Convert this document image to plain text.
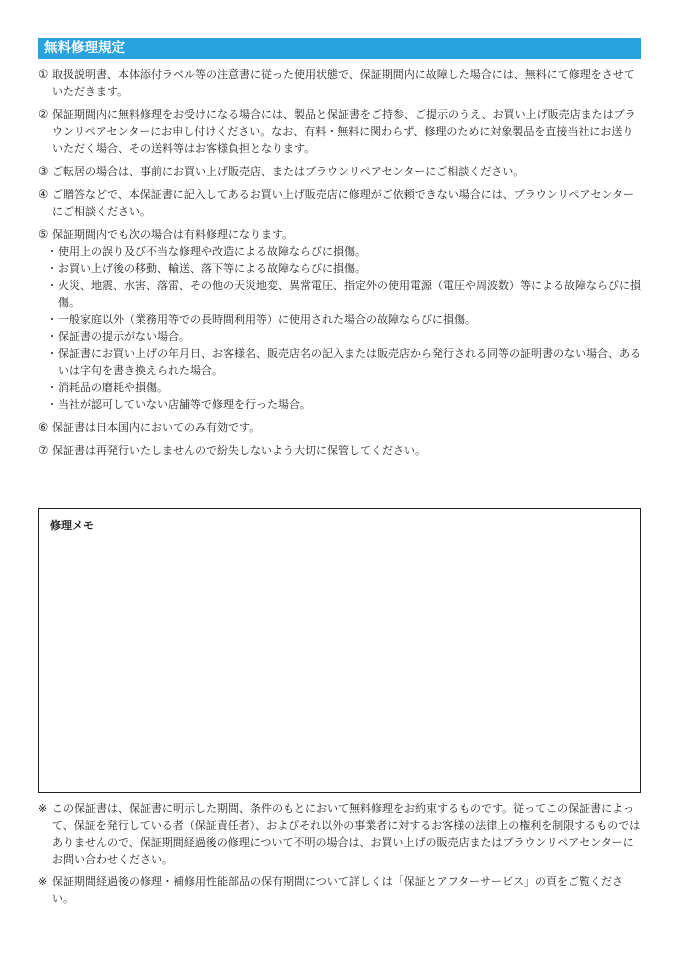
無料修理規定
① 取扱説明書、本体添付ラベル等の注意書に従った使用状態で、保証期間内に故障した場合には、無料にて修理をさせていただきます。
② 保証期間内に無料修理をお受けになる場合には、製品と保証書をご持参、ご提示のうえ、お買い上げ販売店またはブラウンリペアセンターにお申し付けください。なお、有料・無料に関わらず、修理のために対象製品を直接当社にお送りいただく場合、その送料等はお客様負担となります。
③ ご転居の場合は、事前にお買い上げ販売店、またはブラウンリペアセンターにご相談ください。
④ ご贈答などで、本保証書に記入してあるお買い上げ販売店に修理がご依頼できない場合には、ブラウンリペアセンターにご相談ください。
⑤ 保証期間内でも次の場合は有料修理になります。
・ 使用上の誤り及び不当な修理や改造による故障ならびに損傷。
・ お買い上げ後の移動、輸送、落下等による故障ならびに損傷。
・ 火災、地震、水害、落雷、その他の天災地変、異常電圧、指定外の使用電源（電圧や周波数）等による故障ならびに損傷。
・ 一般家庭以外（業務用等での長時間利用等）に使用された場合の故障ならびに損傷。
・ 保証書の提示がない場合。
・ 保証書にお買い上げの年月日、お客様名、販売店名の記入または販売店から発行される同等の証明書のない場合、あるいは字句を書き換えられた場合。
・ 消耗品の磨耗や損傷。
・ 当社が認可していない店舗等で修理を行った場合。
⑥ 保証書は日本国内においてのみ有効です。
⑦ 保証書は再発行いたしませんので紛失しないよう大切に保管してください。
修理メモ
※ この保証書は、保証書に明示した期間、条件のもとにおいて無料修理をお約束するものです。従ってこの保証書によって、保証を発行している者（保証責任者）、およびそれ以外の事業者に対するお客様の法律上の権利を制限するものではありませんので、保証期間経過後の修理について不明の場合は、お買い上げの販売店またはブラウンリペアセンターにお問い合わせください。
※ 保証期間経過後の修理・補修用性能部品の保有期間について詳しくは「保証とアフターサービス」の頁をご覧ください。
